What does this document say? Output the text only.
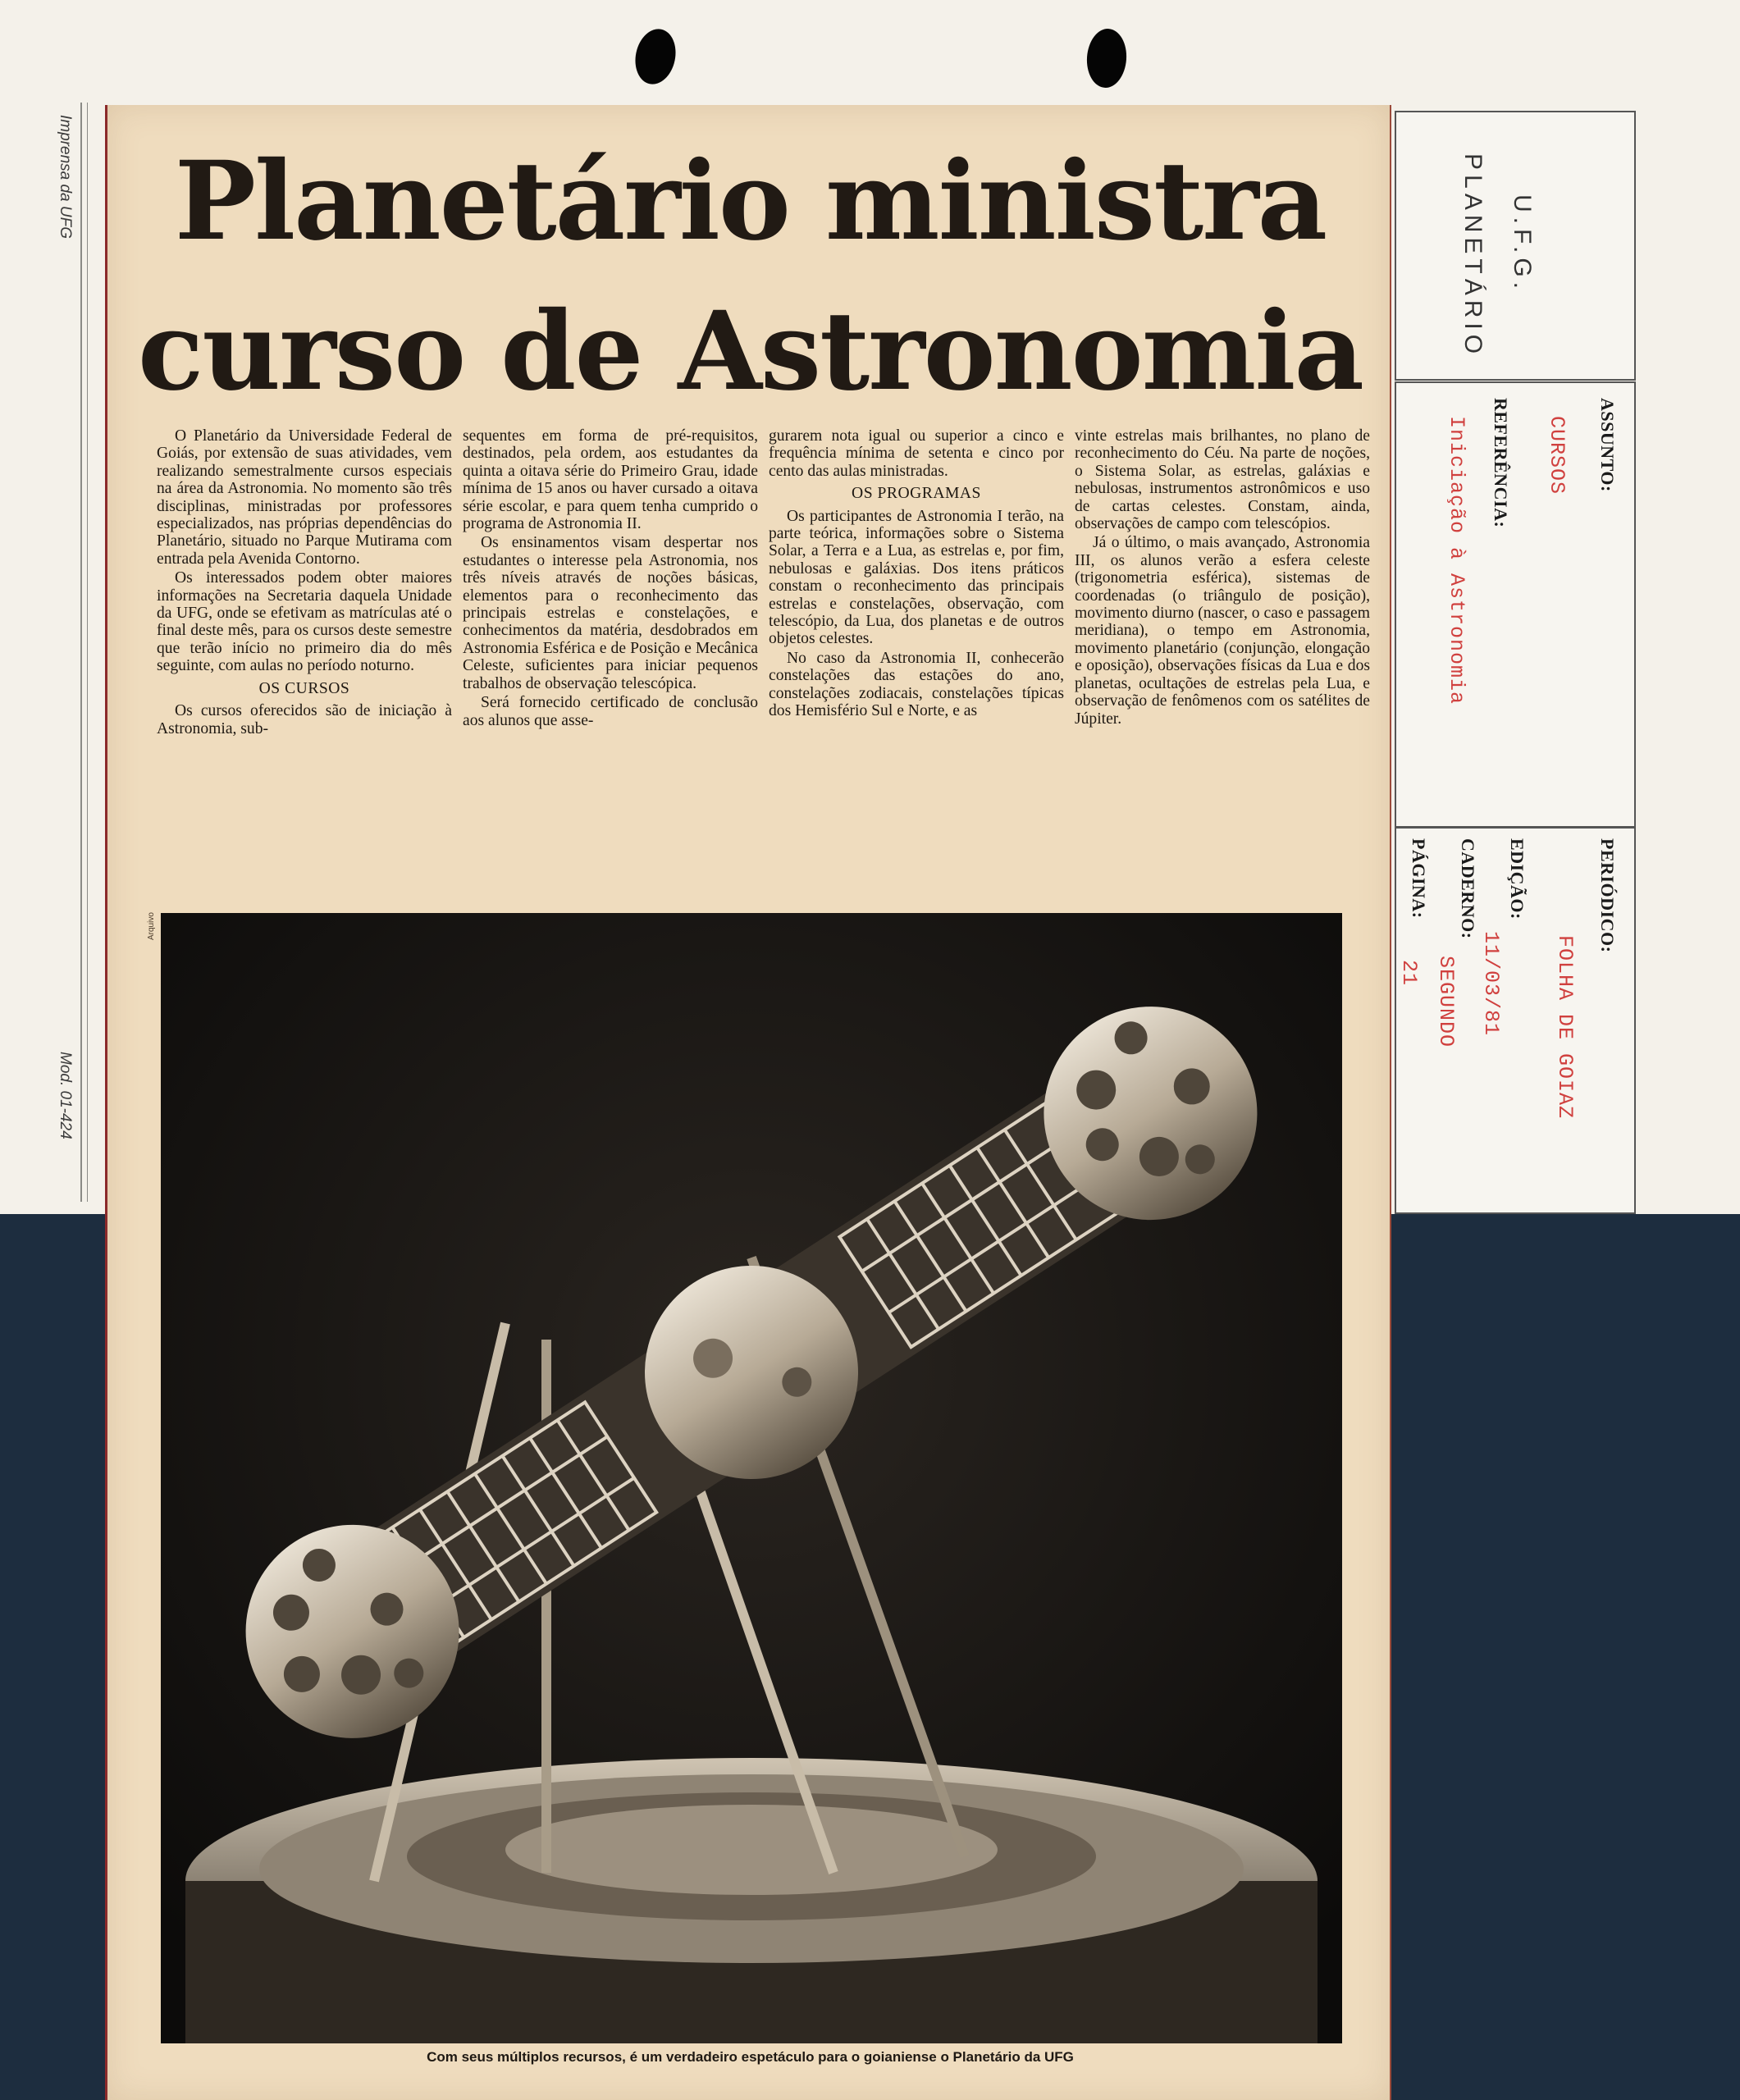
Imprensa da UFG
Mod. 01-424
Planetário ministra
curso de Astronomia

O Planetário da Universidade Federal de Goiás, por extensão de suas atividades, vem realizando semestralmente cursos especiais na área da Astronomia. No momento são três disciplinas, ministradas por professores especializados, nas próprias dependências do Planetário, situado no Parque Mutirama com entrada pela Avenida Contorno.

Os interessados podem obter maiores informações na Secretaria daquela Unidade da UFG, onde se efetivam as matrículas até o final deste mês, para os cursos deste semestre que terão início no primeiro dia do mês seguinte, com aulas no período noturno.

OS CURSOS

Os cursos oferecidos são de iniciação à Astronomia, sub-

sequentes em forma de pré-requisitos, destinados, pela ordem, aos estudantes da quinta a oitava série do Primeiro Grau, idade mínima de 15 anos ou haver cursado a oitava série escolar, e para quem tenha cumprido o programa de Astronomia II.

Os ensinamentos visam despertar nos estudantes o interesse pela Astronomia, nos três níveis através de noções básicas, elementos para o reconhecimento das principais estrelas e constelações, e conhecimentos da matéria, desdobrados em Astronomia Esférica e de Posição e Mecânica Celeste, suficientes para iniciar pequenos trabalhos de observação telescópica.

Será fornecido certificado de conclusão aos alunos que asse-

gurarem nota igual ou superior a cinco e frequência mínima de setenta e cinco por cento das aulas ministradas.

OS PROGRAMAS

Os participantes de Astronomia I terão, na parte teórica, informações sobre o Sistema Solar, a Terra e a Lua, as estrelas e, por fim, nebulosas e galáxias. Dos itens práticos constam o reconhecimento das principais estrelas e constelações, observação, com telescópio, da Lua, dos planetas e de outros objetos celestes.

No caso da Astronomia II, conhecerão constelações das estações do ano, constelações zodiacais, constelações típicas dos Hemisfério Sul e Norte, e as

vinte estrelas mais brilhantes, no plano de reconhecimento do Céu. Na parte de noções, o Sistema Solar, as estrelas, galáxias e nebulosas, instrumentos astronômicos e uso de cartas celestes. Constam, ainda, observações de campo com telescópios.

Já o último, o mais avançado, Astronomia III, os alunos verão a esfera celeste (trigonometria esférica), sistemas de coordenadas (o triângulo de posição), movimento diurno (nascer, o caso e passagem meridiana), o tempo em Astronomia, movimento planetário (conjunção, elongação e oposição), observações físicas da Lua e dos planetas, ocultações de estrelas pela Lua, e observação de fenômenos com os satélites de Júpiter.

Arquivo
Com seus múltiplos recursos, é um verdadeiro espetáculo para o goianiense o Planetário da UFG
U.F.G.
PLANETÁRIO
ASSUNTO:
CURSOS
REFERÊNCIA:
Iniciação à Astronomia
PERIÓDICO:
FOLHA DE GOIAZ
EDIÇÃO:
11/03/81
CADERNO:
SEGUNDO
PÁGINA:
21
